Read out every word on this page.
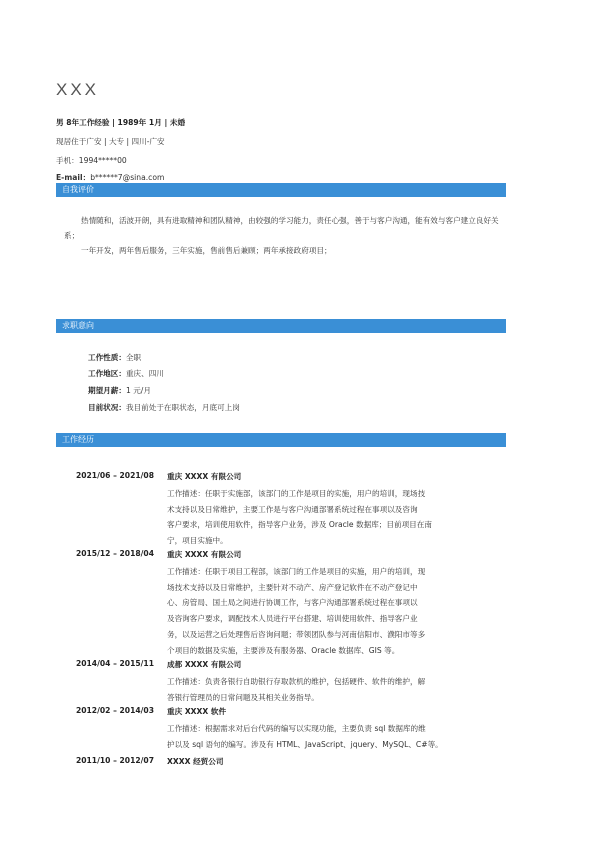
XXX
男 8年工作经验 | 1989年 1月 | 未婚
现居住于广安 | 大专 | 四川-广安
手机：1994*****00
E-mail：b******7@sina.com
自我评价

热情随和，活波开朗，具有进取精神和团队精神，由较强的学习能力，责任心强，善于与客户沟通，能有效与客户建立良好关系；

一年开发，两年售后服务，三年实施，售前售后兼顾；两年承接政府项目；

求职意向
工作性质：全职
工作地区：重庆、四川
期望月薪：1 元/月
目前状况：我目前处于在职状态，月底可上岗
工作经历
2021/06 – 2021/08 重庆 XXXX 有限公司
工作描述：任职于实施部，该部门的工作是项目的实施，用户的培训，现场技
术支持以及日常维护，主要工作是与客户沟通部署系统过程在事项以及咨询
客户要求，培训使用软件，指导客户业务，涉及 Oracle 数据库；目前项目在南
宁，项目实施中。
2015/12 – 2018/04 重庆 XXXX 有限公司
工作描述：任职于项目工程部，该部门的工作是项目的实施，用户的培训，现
场技术支持以及日常维护，主要针对不动产、房产登记软件在不动产登记中
心、房管局、国土局之间进行协调工作，与客户沟通部署系统过程在事项以
及咨询客户要求，调配技术人员进行平台搭建、培训使用软件、指导客户业
务，以及运营之后处理售后咨询问题；带领团队参与河南信阳市、濮阳市等多
个项目的数据及实施，主要涉及有服务器、Oracle 数据库、GIS 等。
2014/04 – 2015/11 成都 XXXX 有限公司
工作描述：负责各银行自助银行存取款机的维护，包括硬件、软件的维护，解
答银行管理员的日常问题及其相关业务指导。
2012/02 – 2014/03 重庆 XXXX 软件
工作描述：根据需求对后台代码的编写以实现功能，主要负责 sql 数据库的维
护以及 sql 语句的编写。涉及有 HTML、JavaScript、jquery、MySQL、C#等。
2011/10 – 2012/07 XXXX 经贸公司
